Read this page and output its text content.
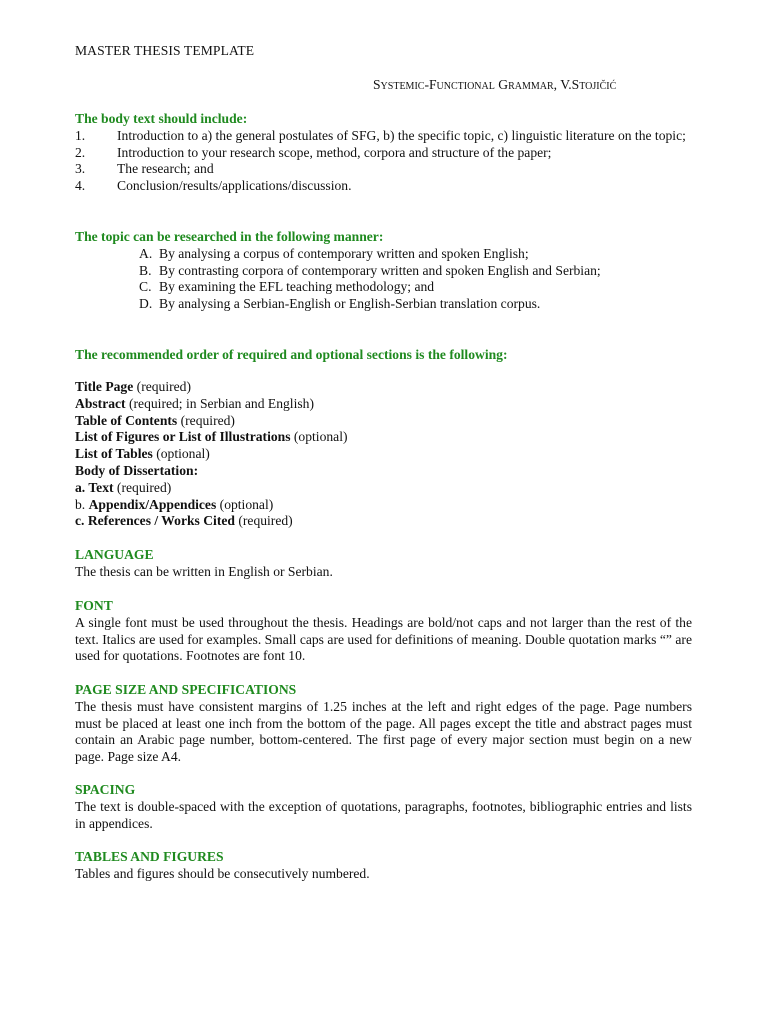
MASTER THESIS TEMPLATE
Systemic-Functional Grammar, V.Stojičić
The body text should include:
1. Introduction to a) the general postulates of SFG, b) the specific topic, c) linguistic literature on the topic;
2. Introduction to your research scope, method, corpora and structure of the paper;
3. The research; and
4. Conclusion/results/applications/discussion.
The topic can be researched in the following manner:
A. By analysing a corpus of contemporary written and spoken English;
B. By contrasting corpora of contemporary written and spoken English and Serbian;
C. By examining the EFL teaching methodology; and
D. By analysing a Serbian-English or English-Serbian translation corpus.
The recommended order of required and optional sections is the following:
Title Page (required)
Abstract (required; in Serbian and English)
Table of Contents (required)
List of Figures or List of Illustrations (optional)
List of Tables (optional)
Body of Dissertation:
a. Text (required)
b. Appendix/Appendices (optional)
c. References / Works Cited (required)
LANGUAGE
The thesis can be written in English or Serbian.
FONT
A single font must be used throughout the thesis. Headings are bold/not caps and not larger than the rest of the text. Italics are used for examples. Small caps are used for definitions of meaning. Double quotation marks “” are used for quotations. Footnotes are font 10.
PAGE SIZE AND SPECIFICATIONS
The thesis must have consistent margins of 1.25 inches at the left and right edges of the page. Page numbers must be placed at least one inch from the bottom of the page. All pages except the title and abstract pages must contain an Arabic page number, bottom-centered. The first page of every major section must begin on a new page. Page size A4.
SPACING
The text is double-spaced with the exception of quotations, paragraphs, footnotes, bibliographic entries and lists in appendices.
TABLES AND FIGURES
Tables and figures should be consecutively numbered.
